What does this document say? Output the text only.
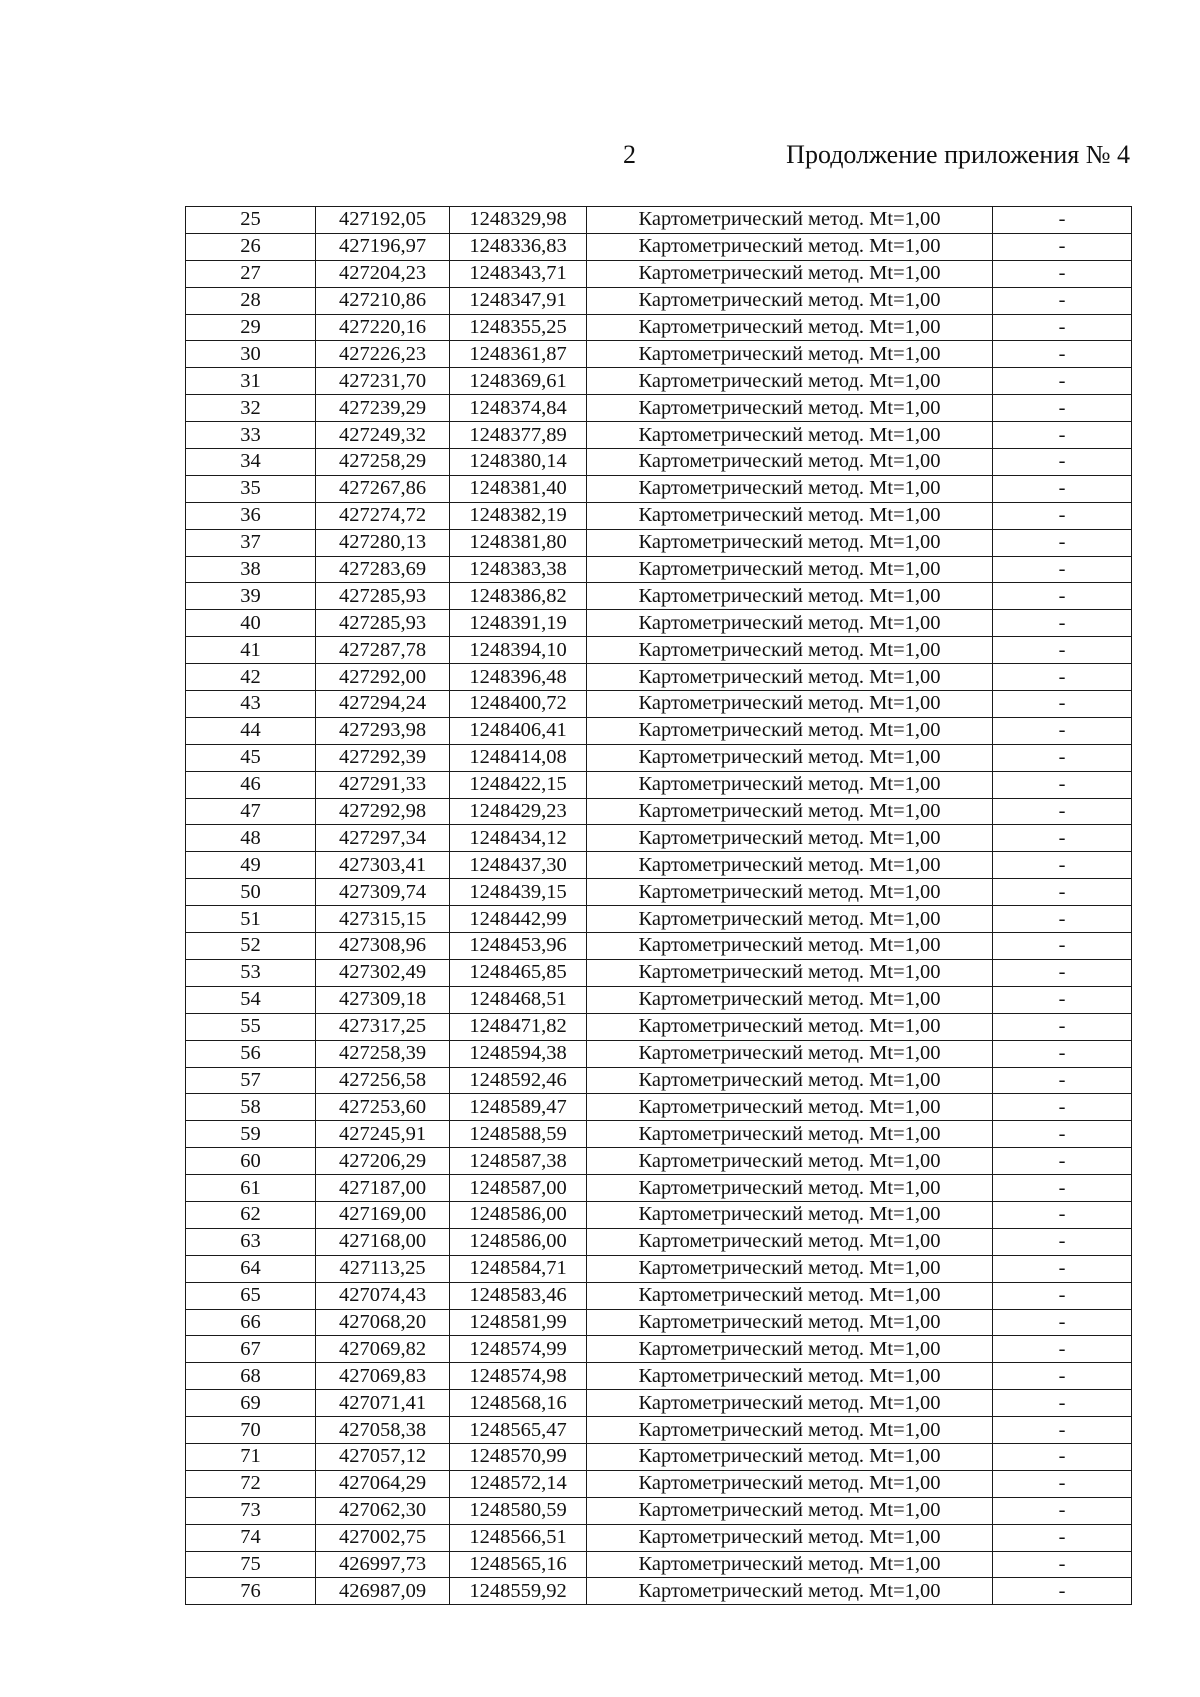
2	Продолжение приложения № 4
25	427192,05	1248329,98	Картометрический метод. Mt=1,00	-
26	427196,97	1248336,83	Картометрический метод. Mt=1,00	-
27	427204,23	1248343,71	Картометрический метод. Mt=1,00	-
28	427210,86	1248347,91	Картометрический метод. Mt=1,00	-
29	427220,16	1248355,25	Картометрический метод. Mt=1,00	-
30	427226,23	1248361,87	Картометрический метод. Mt=1,00	-
31	427231,70	1248369,61	Картометрический метод. Mt=1,00	-
32	427239,29	1248374,84	Картометрический метод. Mt=1,00	-
33	427249,32	1248377,89	Картометрический метод. Mt=1,00	-
34	427258,29	1248380,14	Картометрический метод. Mt=1,00	-
35	427267,86	1248381,40	Картометрический метод. Mt=1,00	-
36	427274,72	1248382,19	Картометрический метод. Mt=1,00	-
37	427280,13	1248381,80	Картометрический метод. Mt=1,00	-
38	427283,69	1248383,38	Картометрический метод. Mt=1,00	-
39	427285,93	1248386,82	Картометрический метод. Mt=1,00	-
40	427285,93	1248391,19	Картометрический метод. Mt=1,00	-
41	427287,78	1248394,10	Картометрический метод. Mt=1,00	-
42	427292,00	1248396,48	Картометрический метод. Mt=1,00	-
43	427294,24	1248400,72	Картометрический метод. Mt=1,00	-
44	427293,98	1248406,41	Картометрический метод. Mt=1,00	-
45	427292,39	1248414,08	Картометрический метод. Mt=1,00	-
46	427291,33	1248422,15	Картометрический метод. Mt=1,00	-
47	427292,98	1248429,23	Картометрический метод. Mt=1,00	-
48	427297,34	1248434,12	Картометрический метод. Mt=1,00	-
49	427303,41	1248437,30	Картометрический метод. Mt=1,00	-
50	427309,74	1248439,15	Картометрический метод. Mt=1,00	-
51	427315,15	1248442,99	Картометрический метод. Mt=1,00	-
52	427308,96	1248453,96	Картометрический метод. Mt=1,00	-
53	427302,49	1248465,85	Картометрический метод. Mt=1,00	-
54	427309,18	1248468,51	Картометрический метод. Mt=1,00	-
55	427317,25	1248471,82	Картометрический метод. Mt=1,00	-
56	427258,39	1248594,38	Картометрический метод. Mt=1,00	-
57	427256,58	1248592,46	Картометрический метод. Mt=1,00	-
58	427253,60	1248589,47	Картометрический метод. Mt=1,00	-
59	427245,91	1248588,59	Картометрический метод. Mt=1,00	-
60	427206,29	1248587,38	Картометрический метод. Mt=1,00	-
61	427187,00	1248587,00	Картометрический метод. Mt=1,00	-
62	427169,00	1248586,00	Картометрический метод. Mt=1,00	-
63	427168,00	1248586,00	Картометрический метод. Mt=1,00	-
64	427113,25	1248584,71	Картометрический метод. Mt=1,00	-
65	427074,43	1248583,46	Картометрический метод. Mt=1,00	-
66	427068,20	1248581,99	Картометрический метод. Mt=1,00	-
67	427069,82	1248574,99	Картометрический метод. Mt=1,00	-
68	427069,83	1248574,98	Картометрический метод. Mt=1,00	-
69	427071,41	1248568,16	Картометрический метод. Mt=1,00	-
70	427058,38	1248565,47	Картометрический метод. Mt=1,00	-
71	427057,12	1248570,99	Картометрический метод. Mt=1,00	-
72	427064,29	1248572,14	Картометрический метод. Mt=1,00	-
73	427062,30	1248580,59	Картометрический метод. Mt=1,00	-
74	427002,75	1248566,51	Картометрический метод. Mt=1,00	-
75	426997,73	1248565,16	Картометрический метод. Mt=1,00	-
76	426987,09	1248559,92	Картометрический метод. Mt=1,00	-
